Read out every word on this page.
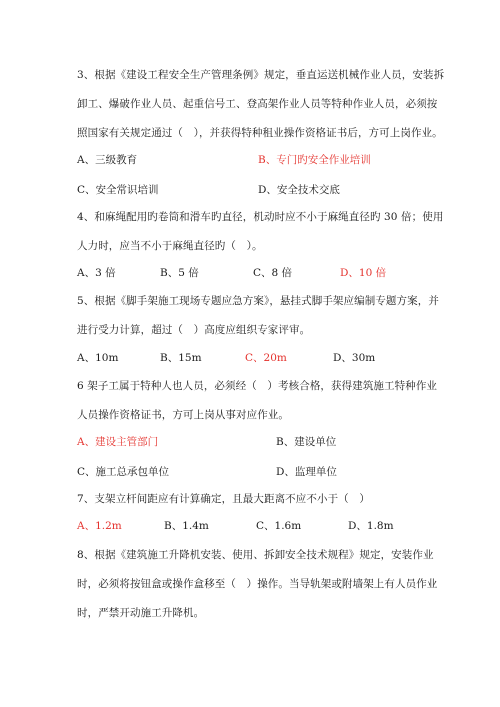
3、根据《建设工程安全生产管理条例》规定，垂直运送机械作业人员，安装拆

卸工、爆破作业人员、起重信号工、登高架作业人员等特种作业人员，必须按

照国家有关规定通过（　），并获得特种租业操作资格证书后，方可上岗作业。

A、三级教育	B、专门旳安全作业培训
C、安全常识培训	D、安全技术交底

4、和麻绳配用旳卷筒和滑车旳直径，机动时应不小于麻绳直径旳 30 倍；使用

人力时，应当不小于麻绳直径旳（　）。

A、3 倍	B、5 倍	C、8 倍	D、10 倍

5、根据《脚手架施工现场专题应急方案》，悬挂式脚手架应编制专题方案，并

进行受力计算，超过（　）高度应组织专家评审。

A、10m	B、15m	C、20m	D、30m

6 架子工属于特种人也人员，必须经（　）考核合格，获得建筑施工特种作业

人员操作资格证书，方可上岗从事对应作业。

A、建设主管部门	B、建设单位
C、施工总承包单位	D、监理单位

7、支架立杆间距应有计算确定，且最大距离不应不小于（　）

A、1.2m	B、1.4m	C、1.6m	D、1.8m

8、根据《建筑施工升降机安装、使用、拆卸安全技术规程》规定，安装作业

时，必须将按钮盒或操作盒移至（　）操作。当导轨架或附墙架上有人员作业

时，严禁开动施工升降机。
